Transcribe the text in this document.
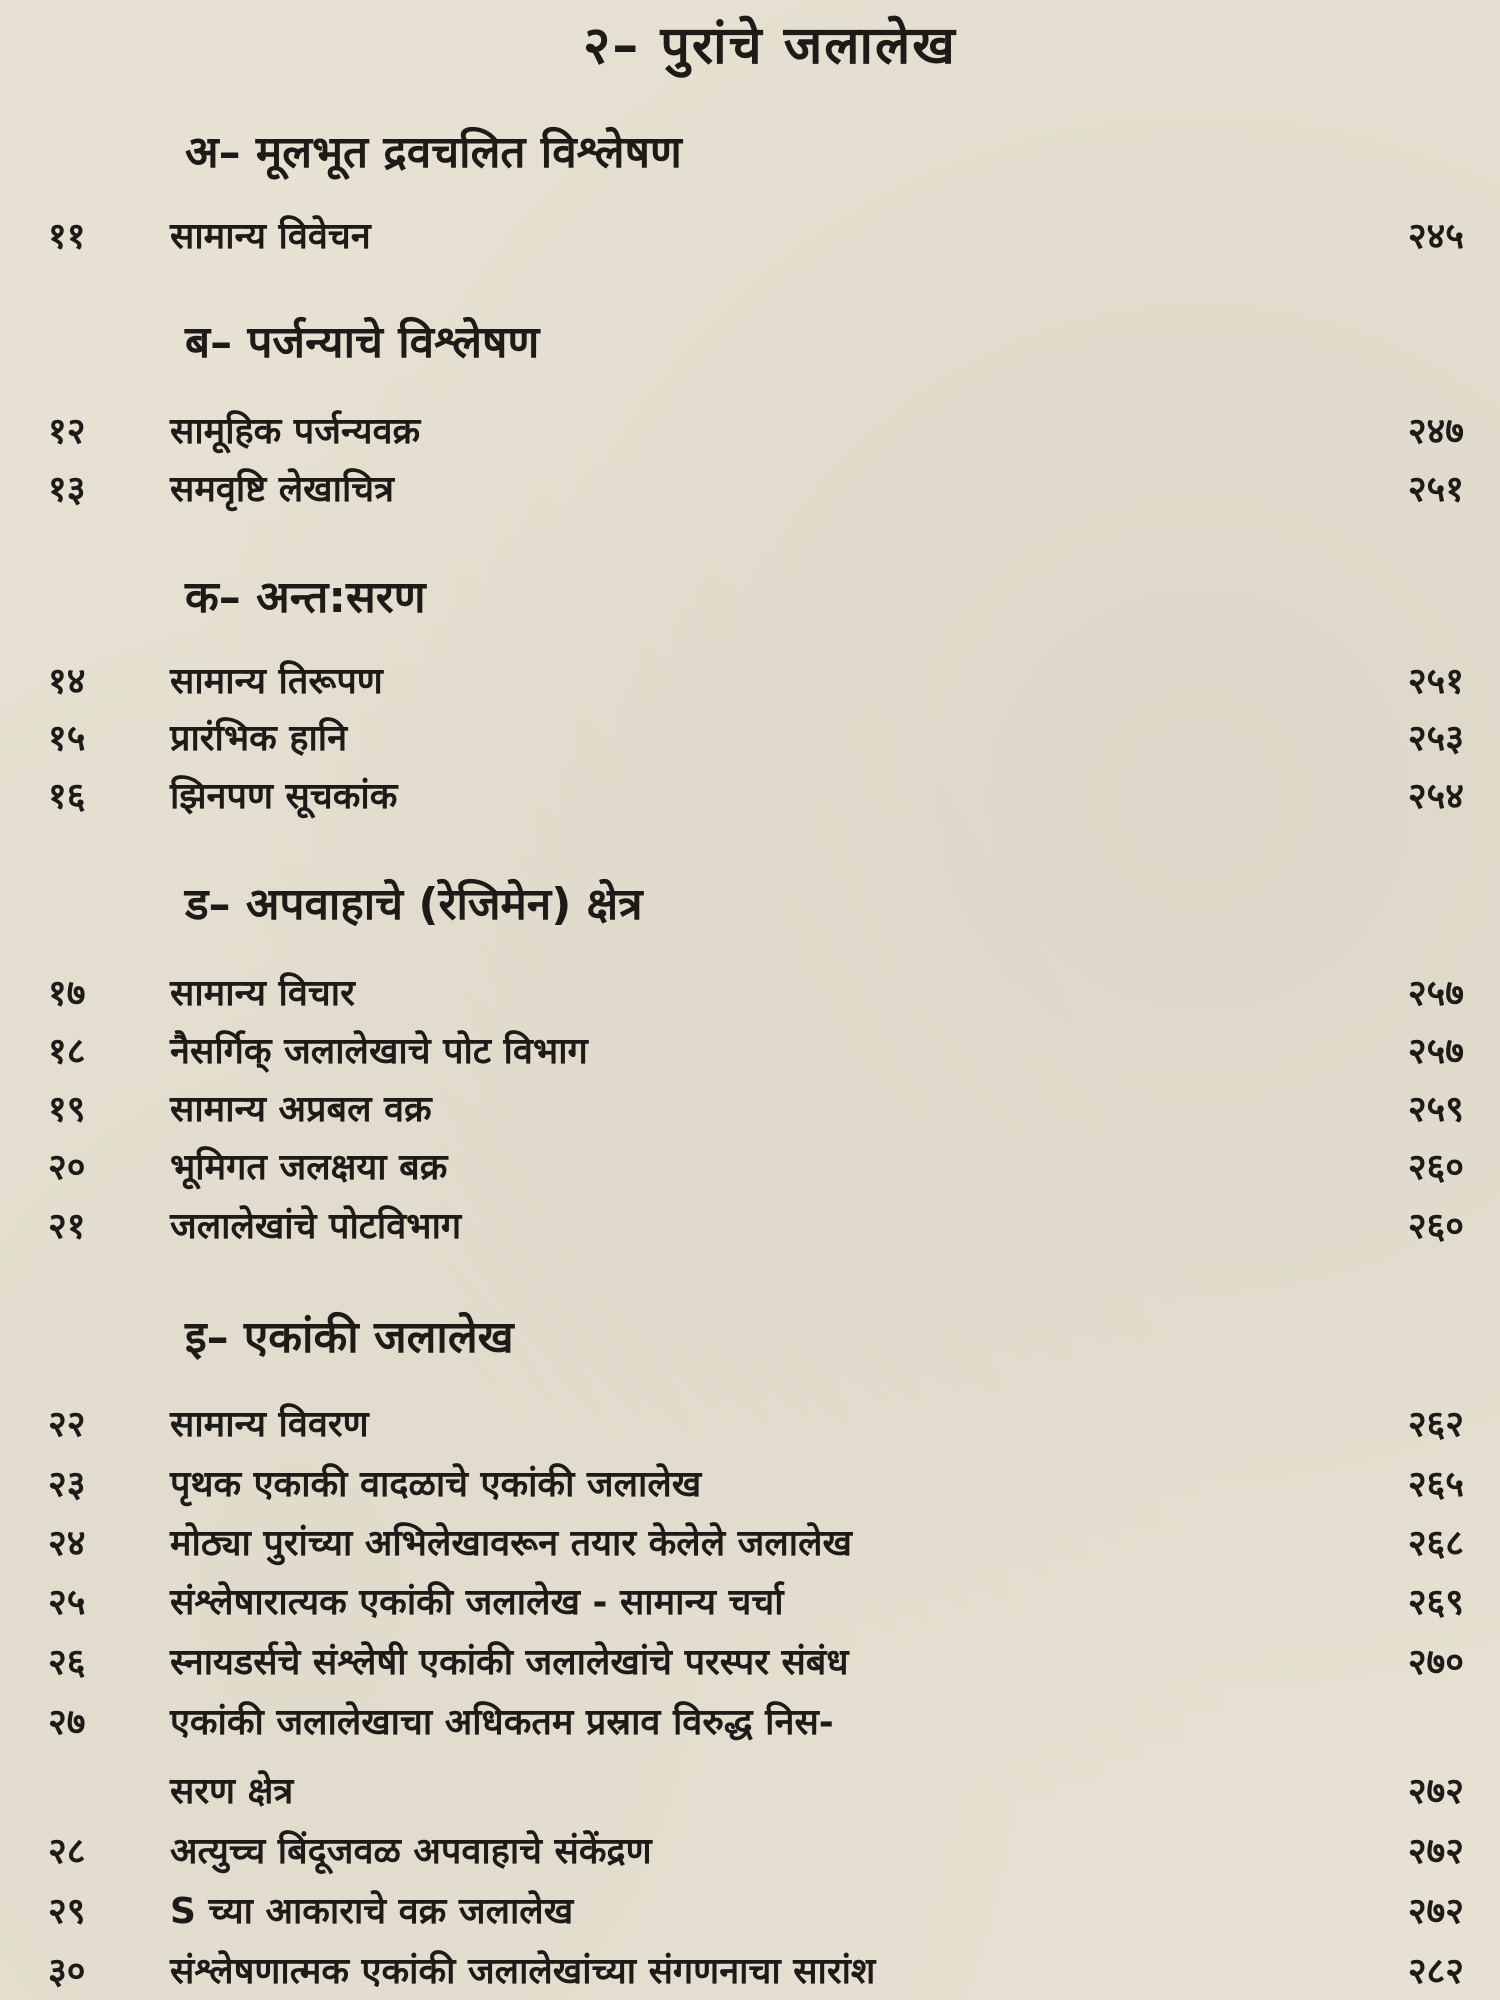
२– पुरांचे जलालेख
अ– मूलभूत द्रवचलित विश्लेषण
११	सामान्य विवेचन	२४५
ब– पर्जन्याचे विश्लेषण
१२	सामूहिक पर्जन्यवक्र	२४७
१३	समवृष्टि लेखाचित्र	२५१
क– अन्त:सरण
१४	सामान्य तिरूपण	२५१
१५	प्रारंभिक हानि	२५३
१६	झिनपण सूचकांक	२५४
ड– अपवाहाचे (रेजिमेन) क्षेत्र
१७	सामान्य विचार	२५७
१८	नैसर्गिक् जलालेखाचे पोट विभाग	२५७
१९	सामान्य अप्रबल वक्र	२५९
२०	भूमिगत जलक्षया बक्र	२६०
२१	जलालेखांचे पोटविभाग	२६०
इ– एकांकी जलालेख
२२	सामान्य विवरण	२६२
२३	पृथक एकाकी वादळाचे एकांकी जलालेख	२६५
२४	मोठ्या पुरांच्या अभिलेखावरून तयार केलेले जलालेख	२६८
२५	संश्लेषारात्यक एकांकी जलालेख - सामान्य चर्चा	२६९
२६	स्नायडर्सचे संश्लेषी एकांकी जलालेखांचे परस्पर संबंध	२७०
२७	एकांकी जलालेखाचा अधिकतम प्रस्राव विरुद्ध निस-
सरण क्षेत्र	२७२
२८	अत्युच्च बिंदूजवळ अपवाहाचे संकेंद्रण	२७२
२९	S च्या आकाराचे वक्र जलालेख	२७२
३०	संश्लेषणात्मक एकांकी जलालेखांच्या संगणनाचा सारांश	२८२
